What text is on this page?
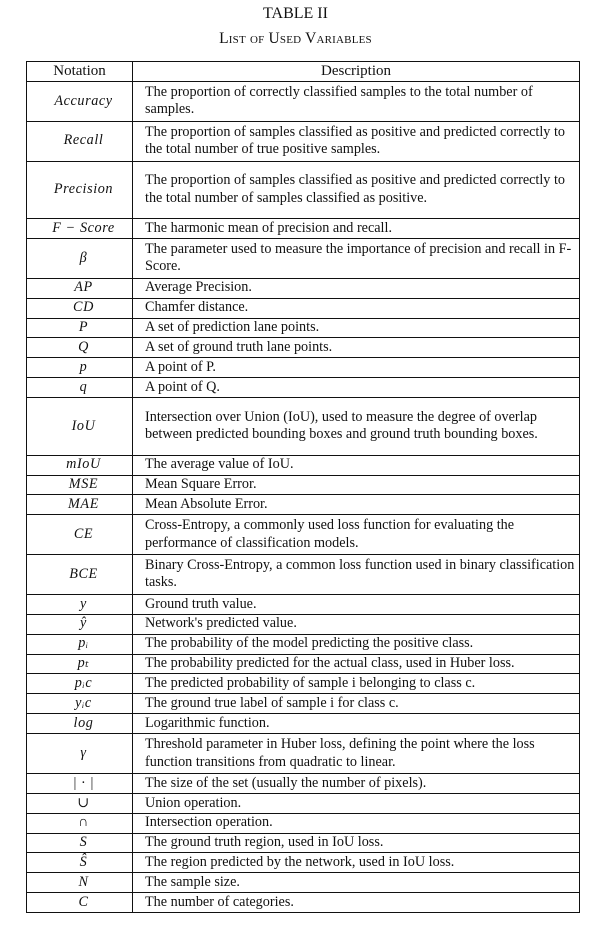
TABLE II
List of Used Variables
Notation	Description
Accuracy	The proportion of correctly classified samples to the total number of samples.
Recall	The proportion of samples classified as positive and predicted correctly to the total number of true positive samples.
Precision	The proportion of samples classified as positive and predicted correctly to the total number of samples classified as positive.
F − Score	The harmonic mean of precision and recall.
β	The parameter used to measure the importance of precision and recall in F-Score.
AP	Average Precision.
CD	Chamfer distance.
P	A set of prediction lane points.
Q	A set of ground truth lane points.
p	A point of P.
q	A point of Q.
IoU	Intersection over Union (IoU), used to measure the degree of overlap between predicted bounding boxes and ground truth bounding boxes.
mIoU	The average value of IoU.
MSE	Mean Square Error.
MAE	Mean Absolute Error.
CE	Cross-Entropy, a commonly used loss function for evaluating the performance of classification models.
BCE	Binary Cross-Entropy, a common loss function used in binary classification tasks.
y	Ground truth value.
ŷ	Network's predicted value.
pᵢ	The probability of the model predicting the positive class.
pₜ	The probability predicted for the actual class, used in Huber loss.
pᵢc	The predicted probability of sample i belonging to class c.
yᵢc	The ground true label of sample i for class c.
log	Logarithmic function.
γ	Threshold parameter in Huber loss, defining the point where the loss function transitions from quadratic to linear.
| · |	The size of the set (usually the number of pixels).
∪	Union operation.
∩	Intersection operation.
S	The ground truth region, used in IoU loss.
Ŝ	The region predicted by the network, used in IoU loss.
N	The sample size.
C	The number of categories.
